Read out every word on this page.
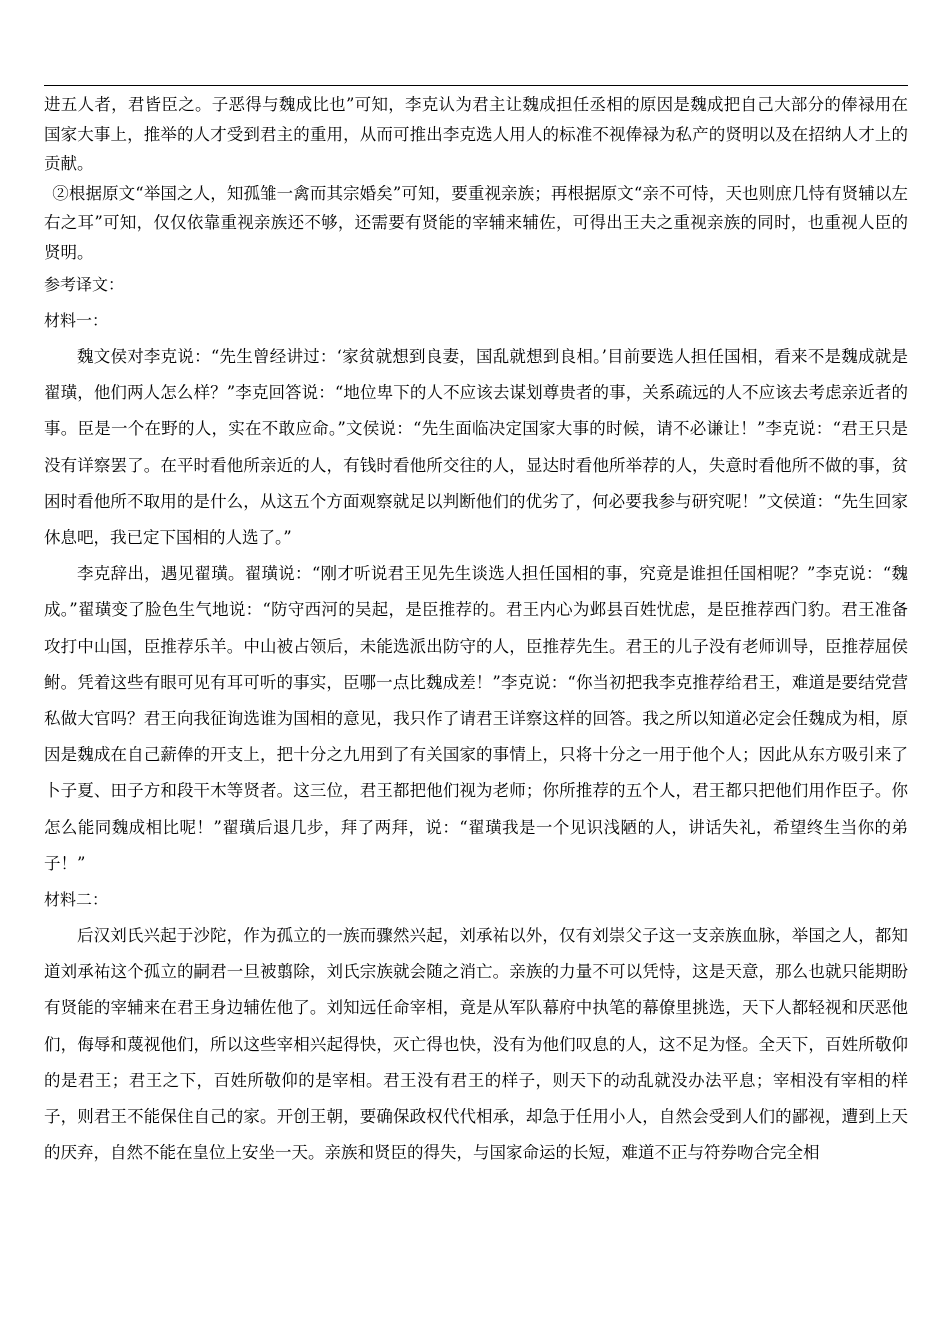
进五人者，君皆臣之。子恶得与魏成比也”可知，李克认为君主让魏成担任丞相的原因是魏成把自己大部分的俸禄用在国家大事上，推举的人才受到君主的重用，从而可推出李克选人用人的标准不视俸禄为私产的贤明以及在招纳人才上的贡献。

②根据原文“举国之人，知孤雏一禽而其宗婚矣”可知，要重视亲族；再根据原文“亲不可恃，天也则庶几恃有贤辅以左右之耳”可知，仅仅依靠重视亲族还不够，还需要有贤能的宰辅来辅佐，可得出王夫之重视亲族的同时，也重视人臣的贤明。

参考译文：

材料一：

魏文侯对李克说：“先生曾经讲过：‘家贫就想到良妻，国乱就想到良相。’目前要选人担任国相，看来不是魏成就是翟璜，他们两人怎么样？”李克回答说：“地位卑下的人不应该去谋划尊贵者的事，关系疏远的人不应该去考虑亲近者的事。臣是一个在野的人，实在不敢应命。”文侯说：“先生面临决定国家大事的时候，请不必谦让！”李克说：“君王只是没有详察罢了。在平时看他所亲近的人，有钱时看他所交往的人，显达时看他所举荐的人，失意时看他所不做的事，贫困时看他所不取用的是什么，从这五个方面观察就足以判断他们的优劣了，何必要我参与研究呢！”文侯道：“先生回家休息吧，我已定下国相的人选了。”

李克辞出，遇见翟璜。翟璜说：“刚才听说君王见先生谈选人担任国相的事，究竟是谁担任国相呢？”李克说：“魏成。”翟璜变了脸色生气地说：“防守西河的吴起，是臣推荐的。君王内心为邺县百姓忧虑，是臣推荐西门豹。君王准备攻打中山国，臣推荐乐羊。中山被占领后，未能选派出防守的人，臣推荐先生。君王的儿子没有老师训导，臣推荐屈侯鲋。凭着这些有眼可见有耳可听的事实，臣哪一点比魏成差！”李克说：“你当初把我李克推荐给君王，难道是要结党营私做大官吗？君王向我征询选谁为国相的意见，我只作了请君王详察这样的回答。我之所以知道必定会任魏成为相，原因是魏成在自己薪俸的开支上，把十分之九用到了有关国家的事情上，只将十分之一用于他个人；因此从东方吸引来了卜子夏、田子方和段干木等贤者。这三位，君王都把他们视为老师；你所推荐的五个人，君王都只把他们用作臣子。你怎么能同魏成相比呢！”翟璜后退几步，拜了两拜，说：“翟璜我是一个见识浅陋的人，讲话失礼，希望终生当你的弟子！”

材料二：

后汉刘氏兴起于沙陀，作为孤立的一族而骤然兴起，刘承祐以外，仅有刘崇父子这一支亲族血脉，举国之人，都知道刘承祐这个孤立的嗣君一旦被翦除，刘氏宗族就会随之消亡。亲族的力量不可以凭恃，这是天意，那么也就只能期盼有贤能的宰辅来在君王身边辅佐他了。刘知远任命宰相，竟是从军队幕府中执笔的幕僚里挑选，天下人都轻视和厌恶他们，侮辱和蔑视他们，所以这些宰相兴起得快，灭亡得也快，没有为他们叹息的人，这不足为怪。全天下，百姓所敬仰的是君王；君王之下，百姓所敬仰的是宰相。君王没有君王的样子，则天下的动乱就没办法平息；宰相没有宰相的样子，则君王不能保住自己的家。开创王朝，要确保政权代代相承，却急于任用小人，自然会受到人们的鄙视，遭到上天的厌弃，自然不能在皇位上安坐一天。亲族和贤臣的得失，与国家命运的长短，难道不正与符券吻合完全相
